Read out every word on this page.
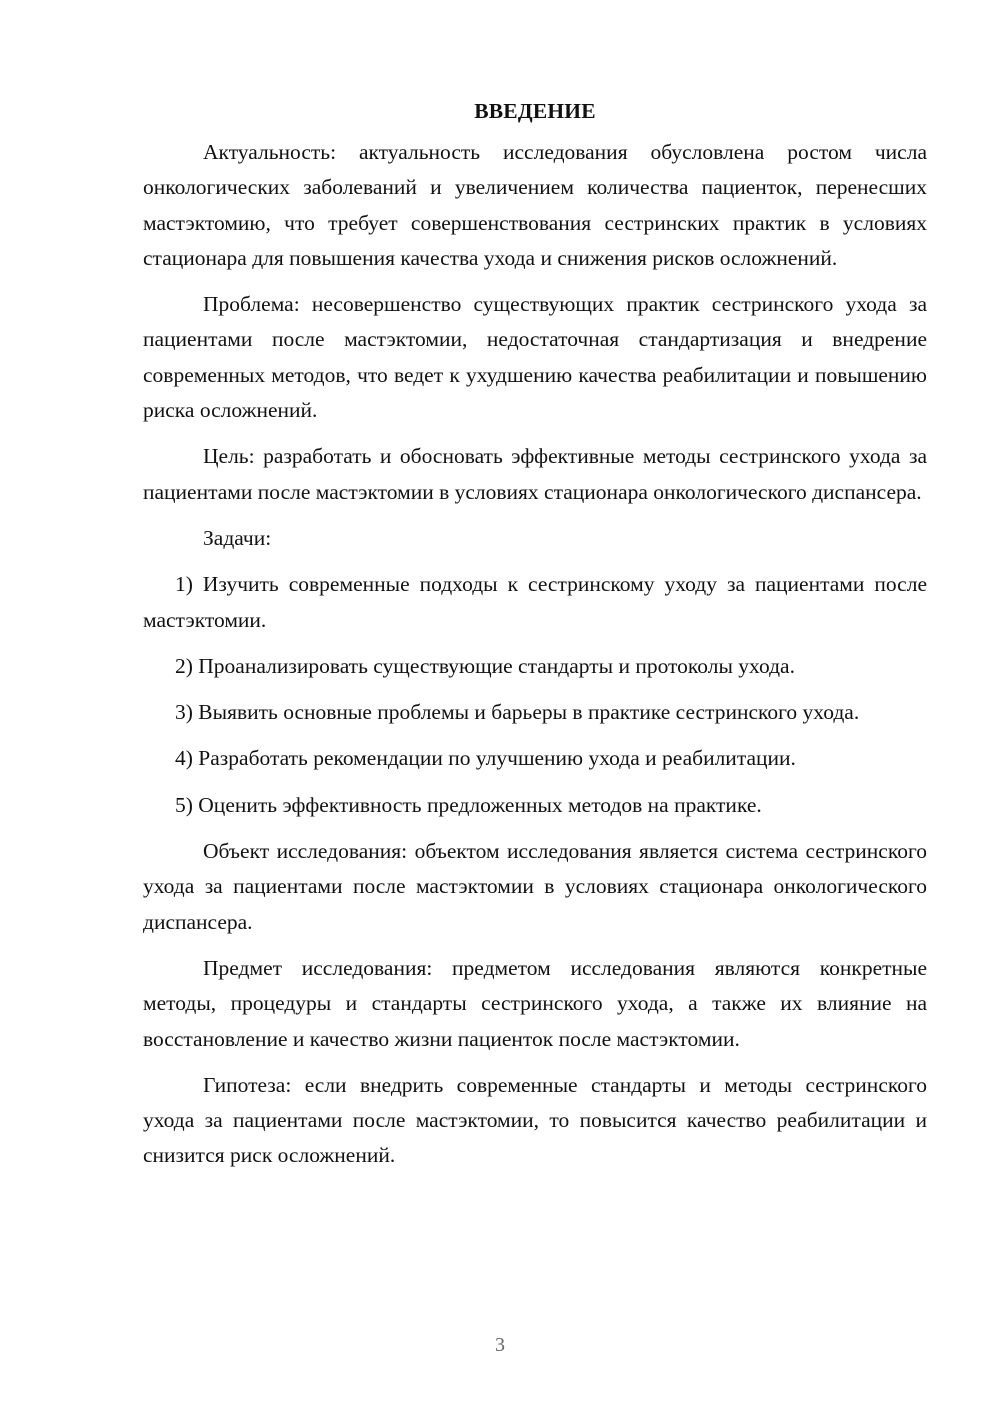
ВВЕДЕНИЕ

Актуальность: актуальность исследования обусловлена ростом числа онкологических заболеваний и увеличением количества пациенток, перенесших мастэктомию, что требует совершенствования сестринских практик в условиях стационара для повышения качества ухода и снижения рисков осложнений.

Проблема: несовершенство существующих практик сестринского ухода за пациентами после мастэктомии, недостаточная стандартизация и внедрение современных методов, что ведет к ухудшению качества реабилитации и повышению риска осложнений.

Цель: разработать и обосновать эффективные методы сестринского ухода за пациентами после мастэктомии в условиях стационара онкологического диспансера.

Задачи:

1) Изучить современные подходы к сестринскому уходу за пациентами после мастэктомии.

2) Проанализировать существующие стандарты и протоколы ухода.

3) Выявить основные проблемы и барьеры в практике сестринского ухода.

4) Разработать рекомендации по улучшению ухода и реабилитации.

5) Оценить эффективность предложенных методов на практике.

Объект исследования: объектом исследования является система сестринского ухода за пациентами после мастэктомии в условиях стационара онкологического диспансера.

Предмет исследования: предметом исследования являются конкретные методы, процедуры и стандарты сестринского ухода, а также их влияние на восстановление и качество жизни пациенток после мастэктомии.

Гипотеза: если внедрить современные стандарты и методы сестринского ухода за пациентами после мастэктомии, то повысится качество реабилитации и снизится риск осложнений.

3
